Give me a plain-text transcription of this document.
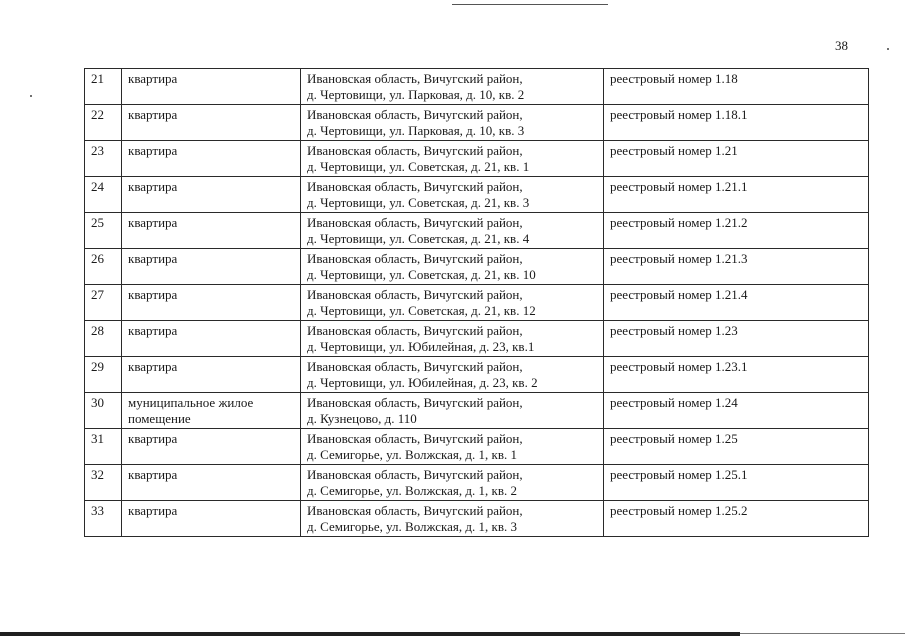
38
21	квартира	Ивановская область, Вичугский район,
д. Чертовищи, ул. Парковая, д. 10, кв. 2	реестровый номер 1.18
22	квартира	Ивановская область, Вичугский район,
д. Чертовищи, ул. Парковая, д. 10, кв. 3	реестровый номер 1.18.1
23	квартира	Ивановская область, Вичугский район,
д. Чертовищи, ул. Советская, д. 21, кв. 1	реестровый номер 1.21
24	квартира	Ивановская область, Вичугский район,
д. Чертовищи, ул. Советская, д. 21, кв. 3	реестровый номер 1.21.1
25	квартира	Ивановская область, Вичугский район,
д. Чертовищи, ул. Советская, д. 21, кв. 4	реестровый номер 1.21.2
26	квартира	Ивановская область, Вичугский район,
д. Чертовищи, ул. Советская, д. 21, кв. 10	реестровый номер 1.21.3
27	квартира	Ивановская область, Вичугский район,
д. Чертовищи, ул. Советская, д. 21, кв. 12	реестровый номер 1.21.4
28	квартира	Ивановская область, Вичугский район,
д. Чертовищи, ул. Юбилейная, д. 23, кв.1	реестровый номер 1.23
29	квартира	Ивановская область, Вичугский район,
д. Чертовищи, ул. Юбилейная, д. 23, кв. 2	реестровый номер 1.23.1
30	муниципальное жилое помещение	Ивановская область, Вичугский район,
д. Кузнецово, д. 110	реестровый номер 1.24
31	квартира	Ивановская область, Вичугский район,
д. Семигорье, ул. Волжская, д. 1, кв. 1	реестровый номер 1.25
32	квартира	Ивановская область, Вичугский район,
д. Семигорье, ул. Волжская, д. 1, кв. 2	реестровый номер 1.25.1
33	квартира	Ивановская область, Вичугский район,
д. Семигорье, ул. Волжская, д. 1, кв. 3	реестровый номер 1.25.2
